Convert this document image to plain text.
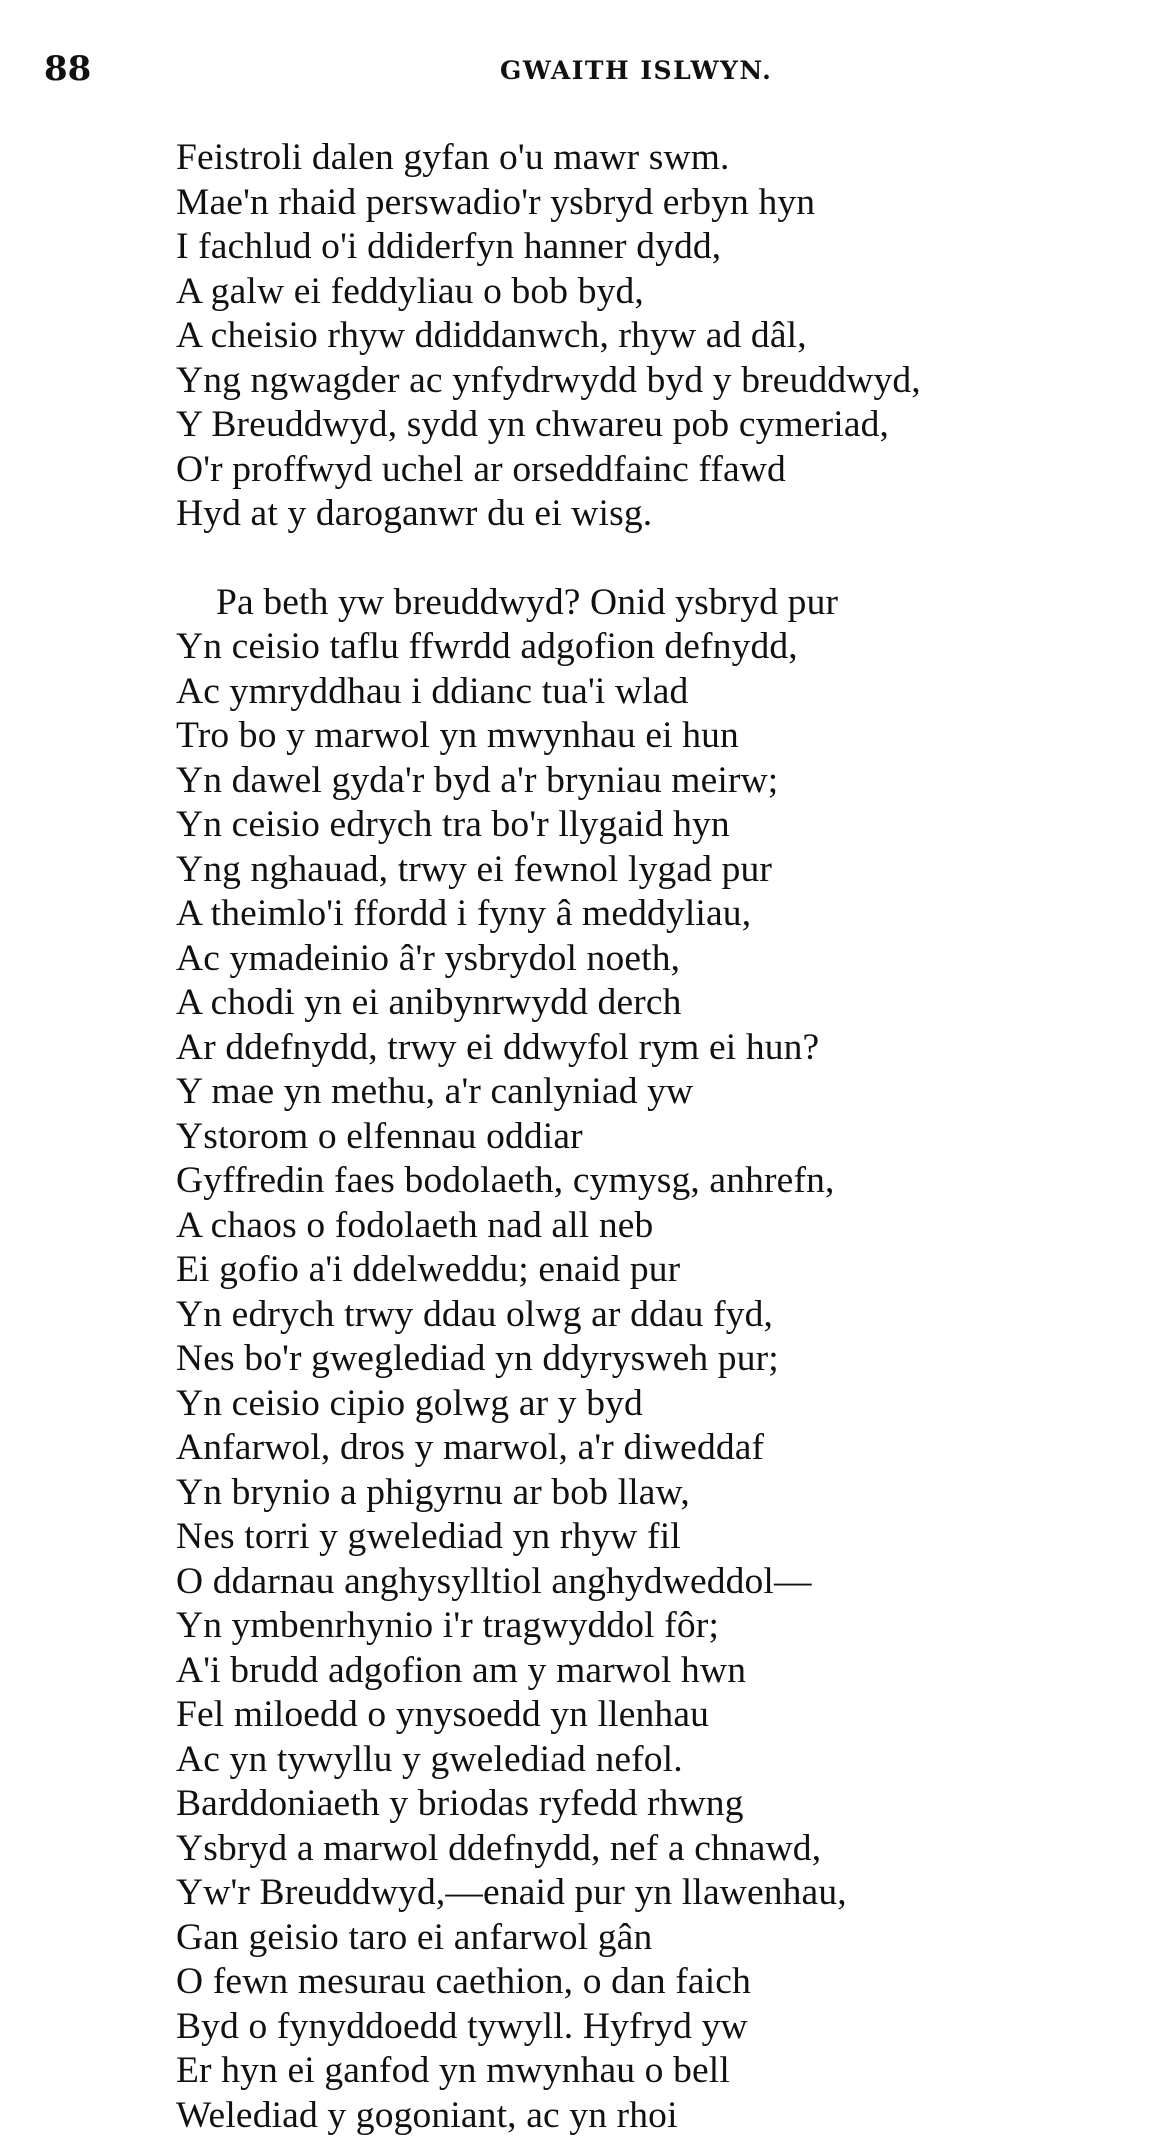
88	GWAITH ISLWYN.
Feistroli dalen gyfan o'u mawr swm.
Mae'n rhaid perswadio'r ysbryd erbyn hyn
I fachlud o'i ddiderfyn hanner dydd,
A galw ei feddyliau o bob byd,
A cheisio rhyw ddiddanwch, rhyw ad dâl,
Yng ngwagder ac ynfydrwydd byd y breuddwyd,
Y Breuddwyd, sydd yn chwareu pob cymeriad,
O'r proffwyd uchel ar orseddfainc ffawd
Hyd at y daroganwr du ei wisg.
Pa beth yw breuddwyd? Onid ysbryd pur
Yn ceisio taflu ffwrdd adgofion defnydd,
Ac ymryddhau i ddianc tua'i wlad
Tro bo y marwol yn mwynhau ei hun
Yn dawel gyda'r byd a'r bryniau meirw;
Yn ceisio edrych tra bo'r llygaid hyn
Yng nghauad, trwy ei fewnol lygad pur
A theimlo'i ffordd i fyny â meddyliau,
Ac ymadeinio â'r ysbrydol noeth,
A chodi yn ei anibynrwydd derch
Ar ddefnydd, trwy ei ddwyfol rym ei hun?
Y mae yn methu, a'r canlyniad yw
Ystorom o elfennau oddiar
Gyffredin faes bodolaeth, cymysg, anhrefn,
A chaos o fodolaeth nad all neb
Ei gofio a'i ddelweddu; enaid pur
Yn edrych trwy ddau olwg ar ddau fyd,
Nes bo'r gweglediad yn ddyrysweh pur;
Yn ceisio cipio golwg ar y byd
Anfarwol, dros y marwol, a'r diweddaf
Yn brynio a phigyrnu ar bob llaw,
Nes torri y gwelediad yn rhyw fil
O ddarnau anghysylltiol anghydweddol—
Yn ymbenrhynio i'r tragwyddol fôr;
A'i brudd adgofion am y marwol hwn
Fel miloedd o ynysoedd yn llenhau
Ac yn tywyllu y gwelediad nefol.
Barddoniaeth y briodas ryfedd rhwng
Ysbryd a marwol ddefnydd, nef a chnawd,
Yw'r Breuddwyd,—enaid pur yn llawenhau,
Gan geisio taro ei anfarwol gân
O fewn mesurau caethion, o dan faich
Byd o fynyddoedd tywyll. Hyfryd yw
Er hyn ei ganfod yn mwynhau o bell
Welediad y gogoniant, ac yn rhoi
